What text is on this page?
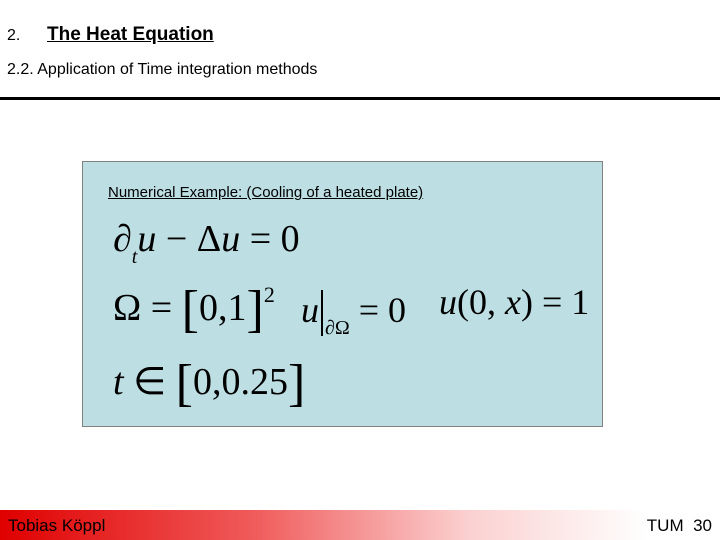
2. The Heat Equation
2.2. Application of Time integration methods
Numerical Example: (Cooling of a heated plate)
$\partial_tu - \Delta u = 0$
$\Omega = [0,1]^2$ u $_{\partial\Omega}$ = 0 u(0, x) = 1
t ∈ [0,0.25]
Tobias Köppl	TUM 30
